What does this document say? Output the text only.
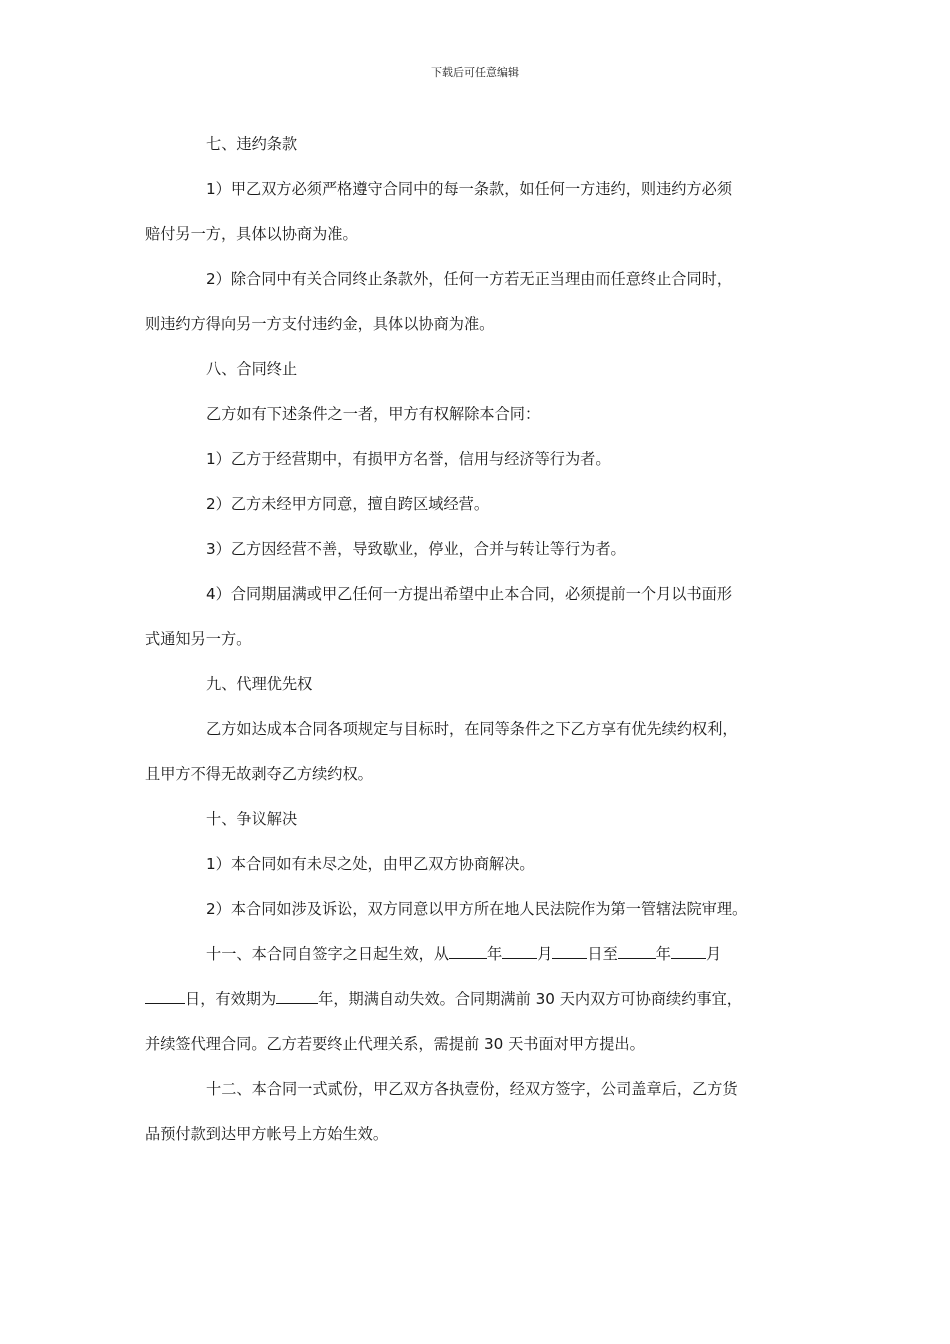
下载后可任意编辑

七、违约条款

1）甲乙双方必须严格遵守合同中的每一条款，如任何一方违约，则违约方必须

赔付另一方，具体以协商为准。

2）除合同中有关合同终止条款外，任何一方若无正当理由而任意终止合同时，

则违约方得向另一方支付违约金，具体以协商为准。

八、合同终止

乙方如有下述条件之一者，甲方有权解除本合同：

1）乙方于经营期中，有损甲方名誉，信用与经济等行为者。

2）乙方未经甲方同意，擅自跨区域经营。

3）乙方因经营不善，导致歇业，停业，合并与转让等行为者。

4）合同期届满或甲乙任何一方提出希望中止本合同，必须提前一个月以书面形

式通知另一方。

九、代理优先权

乙方如达成本合同各项规定与目标时，在同等条件之下乙方享有优先续约权利，

且甲方不得无故剥夺乙方续约权。

十、争议解决

1）本合同如有未尽之处，由甲乙双方协商解决。

2）本合同如涉及诉讼，双方同意以甲方所在地人民法院作为第一管辖法院审理。

十一、本合同自签字之日起生效，从	年 月 日至	年 月

日，有效期为	年，期满自动失效。合同期满前 30 天内双方可协商续约事宜，

并续签代理合同。乙方若要终止代理关系，需提前 30 天书面对甲方提出。

十二、本合同一式贰份，甲乙双方各执壹份，经双方签字，公司盖章后，乙方货

品预付款到达甲方帐号上方始生效。
